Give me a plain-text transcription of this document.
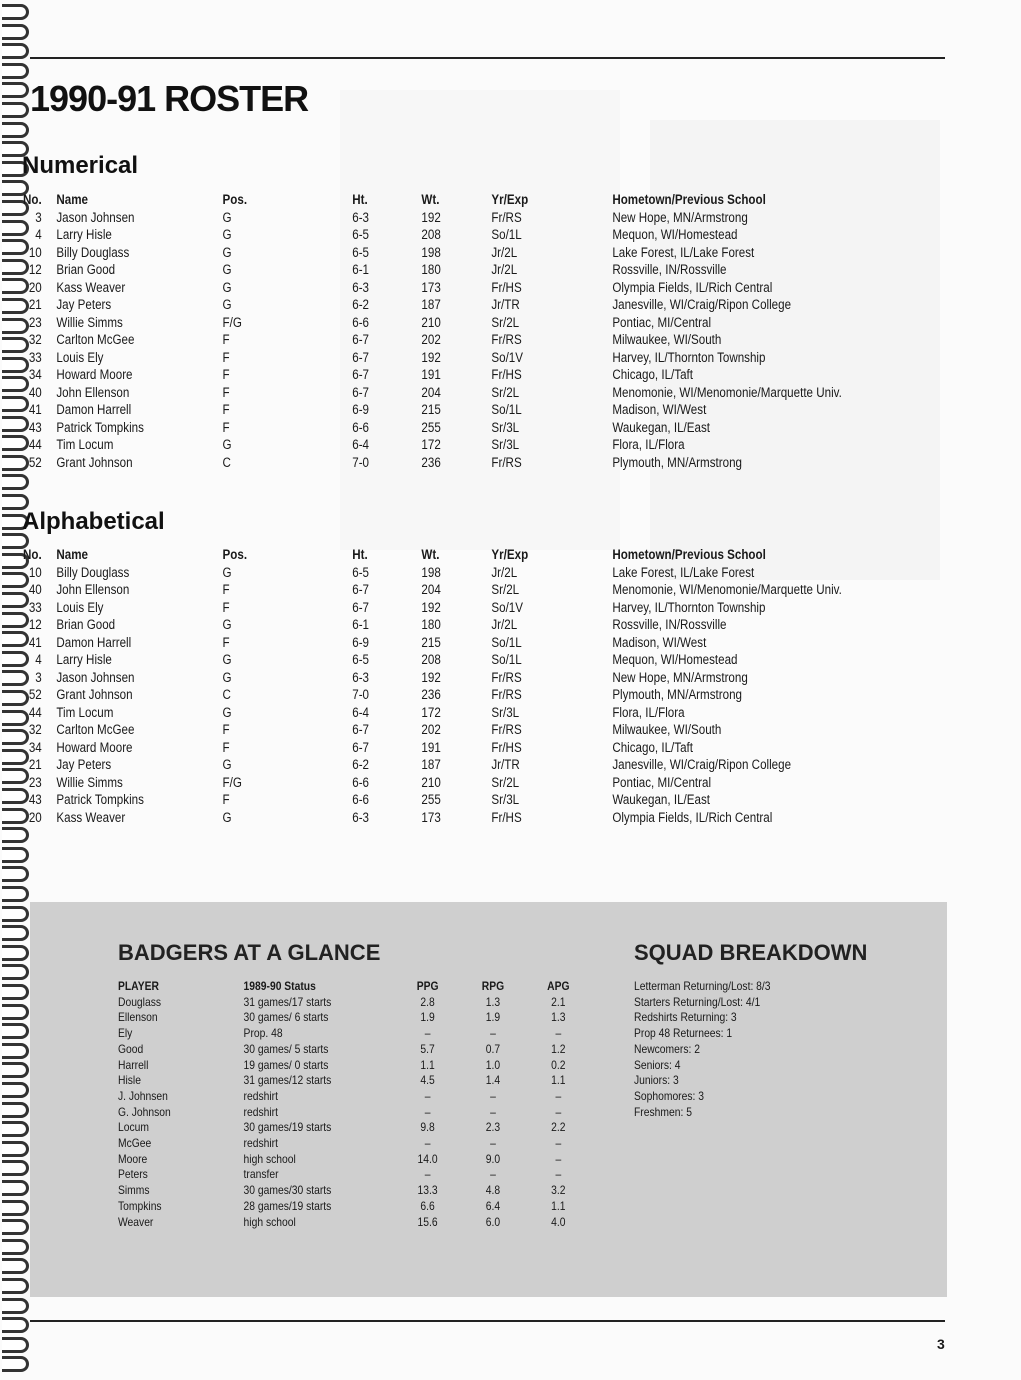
1990-91 ROSTER
Numerical
No.	Name	Pos.	Ht.	Wt.	Yr/Exp	Hometown/Previous School
3	Jason Johnsen	G	6-3	192	Fr/RS	New Hope, MN/Armstrong
4	Larry Hisle	G	6-5	208	So/1L	Mequon, WI/Homestead
10	Billy Douglass	G	6-5	198	Jr/2L	Lake Forest, IL/Lake Forest
12	Brian Good	G	6-1	180	Jr/2L	Rossville, IN/Rossville
20	Kass Weaver	G	6-3	173	Fr/HS	Olympia Fields, IL/Rich Central
21	Jay Peters	G	6-2	187	Jr/TR	Janesville, WI/Craig/Ripon College
23	Willie Simms	F/G	6-6	210	Sr/2L	Pontiac, MI/Central
32	Carlton McGee	F	6-7	202	Fr/RS	Milwaukee, WI/South
33	Louis Ely	F	6-7	192	So/1V	Harvey, IL/Thornton Township
34	Howard Moore	F	6-7	191	Fr/HS	Chicago, IL/Taft
40	John Ellenson	F	6-7	204	Sr/2L	Menomonie, WI/Menomonie/Marquette Univ.
41	Damon Harrell	F	6-9	215	So/1L	Madison, WI/West
43	Patrick Tompkins	F	6-6	255	Sr/3L	Waukegan, IL/East
44	Tim Locum	G	6-4	172	Sr/3L	Flora, IL/Flora
52	Grant Johnson	C	7-0	236	Fr/RS	Plymouth, MN/Armstrong
Alphabetical
No.	Name	Pos.	Ht.	Wt.	Yr/Exp	Hometown/Previous School
10	Billy Douglass	G	6-5	198	Jr/2L	Lake Forest, IL/Lake Forest
40	John Ellenson	F	6-7	204	Sr/2L	Menomonie, WI/Menomonie/Marquette Univ.
33	Louis Ely	F	6-7	192	So/1V	Harvey, IL/Thornton Township
12	Brian Good	G	6-1	180	Jr/2L	Rossville, IN/Rossville
41	Damon Harrell	F	6-9	215	So/1L	Madison, WI/West
4	Larry Hisle	G	6-5	208	So/1L	Mequon, WI/Homestead
3	Jason Johnsen	G	6-3	192	Fr/RS	New Hope, MN/Armstrong
52	Grant Johnson	C	7-0	236	Fr/RS	Plymouth, MN/Armstrong
44	Tim Locum	G	6-4	172	Sr/3L	Flora, IL/Flora
32	Carlton McGee	F	6-7	202	Fr/RS	Milwaukee, WI/South
34	Howard Moore	F	6-7	191	Fr/HS	Chicago, IL/Taft
21	Jay Peters	G	6-2	187	Jr/TR	Janesville, WI/Craig/Ripon College
23	Willie Simms	F/G	6-6	210	Sr/2L	Pontiac, MI/Central
43	Patrick Tompkins	F	6-6	255	Sr/3L	Waukegan, IL/East
20	Kass Weaver	G	6-3	173	Fr/HS	Olympia Fields, IL/Rich Central
BADGERS AT A GLANCE
PLAYER	1989-90 Status	PPG	RPG	APG
Douglass	31 games/17 starts	2.8	1.3	2.1
Ellenson	30 games/ 6 starts	1.9	1.9	1.3
Ely	Prop. 48	–	–	–
Good	30 games/ 5 starts	5.7	0.7	1.2
Harrell	19 games/ 0 starts	1.1	1.0	0.2
Hisle	31 games/12 starts	4.5	1.4	1.1
J. Johnsen	redshirt	–	–	–
G. Johnson	redshirt	–	–	–
Locum	30 games/19 starts	9.8	2.3	2.2
McGee	redshirt	–	–	–
Moore	high school	14.0	9.0	–
Peters	transfer	–	–	–
Simms	30 games/30 starts	13.3	4.8	3.2
Tompkins	28 games/19 starts	6.6	6.4	1.1
Weaver	high school	15.6	6.0	4.0
SQUAD BREAKDOWN
Letterman Returning/Lost: 8/3
Starters Returning/Lost: 4/1
Redshirts Returning: 3
Prop 48 Returnees: 1
Newcomers: 2
Seniors: 4
Juniors: 3
Sophomores: 3
Freshmen: 5
3
